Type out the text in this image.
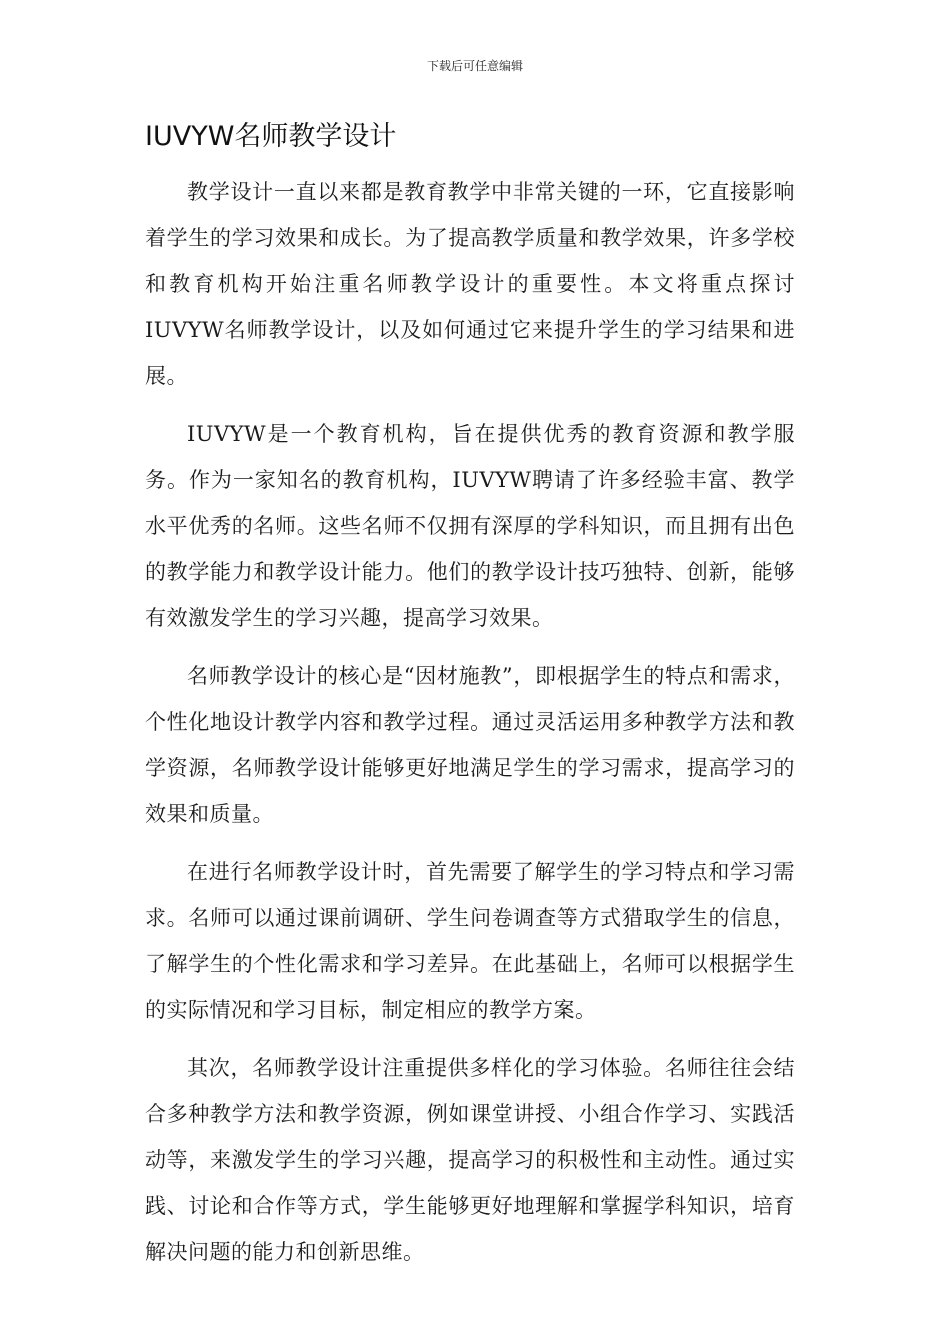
下载后可任意编辑
IUVYW名师教学设计

教学设计一直以来都是教育教学中非常关键的一环，它直接影响着学生的学习效果和成长。为了提高教学质量和教学效果，许多学校和教育机构开始注重名师教学设计的重要性。本文将重点探讨IUVYW名师教学设计，以及如何通过它来提升学生的学习结果和进展。

IUVYW是一个教育机构，旨在提供优秀的教育资源和教学服务。作为一家知名的教育机构，IUVYW聘请了许多经验丰富、教学水平优秀的名师。这些名师不仅拥有深厚的学科知识，而且拥有出色的教学能力和教学设计能力。他们的教学设计技巧独特、创新，能够有效激发学生的学习兴趣，提高学习效果。

名师教学设计的核心是“因材施教”，即根据学生的特点和需求，个性化地设计教学内容和教学过程。通过灵活运用多种教学方法和教学资源，名师教学设计能够更好地满足学生的学习需求，提高学习的效果和质量。

在进行名师教学设计时，首先需要了解学生的学习特点和学习需求。名师可以通过课前调研、学生问卷调查等方式猎取学生的信息，了解学生的个性化需求和学习差异。在此基础上，名师可以根据学生的实际情况和学习目标，制定相应的教学方案。

其次，名师教学设计注重提供多样化的学习体验。名师往往会结合多种教学方法和教学资源，例如课堂讲授、小组合作学习、实践活动等，来激发学生的学习兴趣，提高学习的积极性和主动性。通过实践、讨论和合作等方式，学生能够更好地理解和掌握学科知识，培育解决问题的能力和创新思维。
